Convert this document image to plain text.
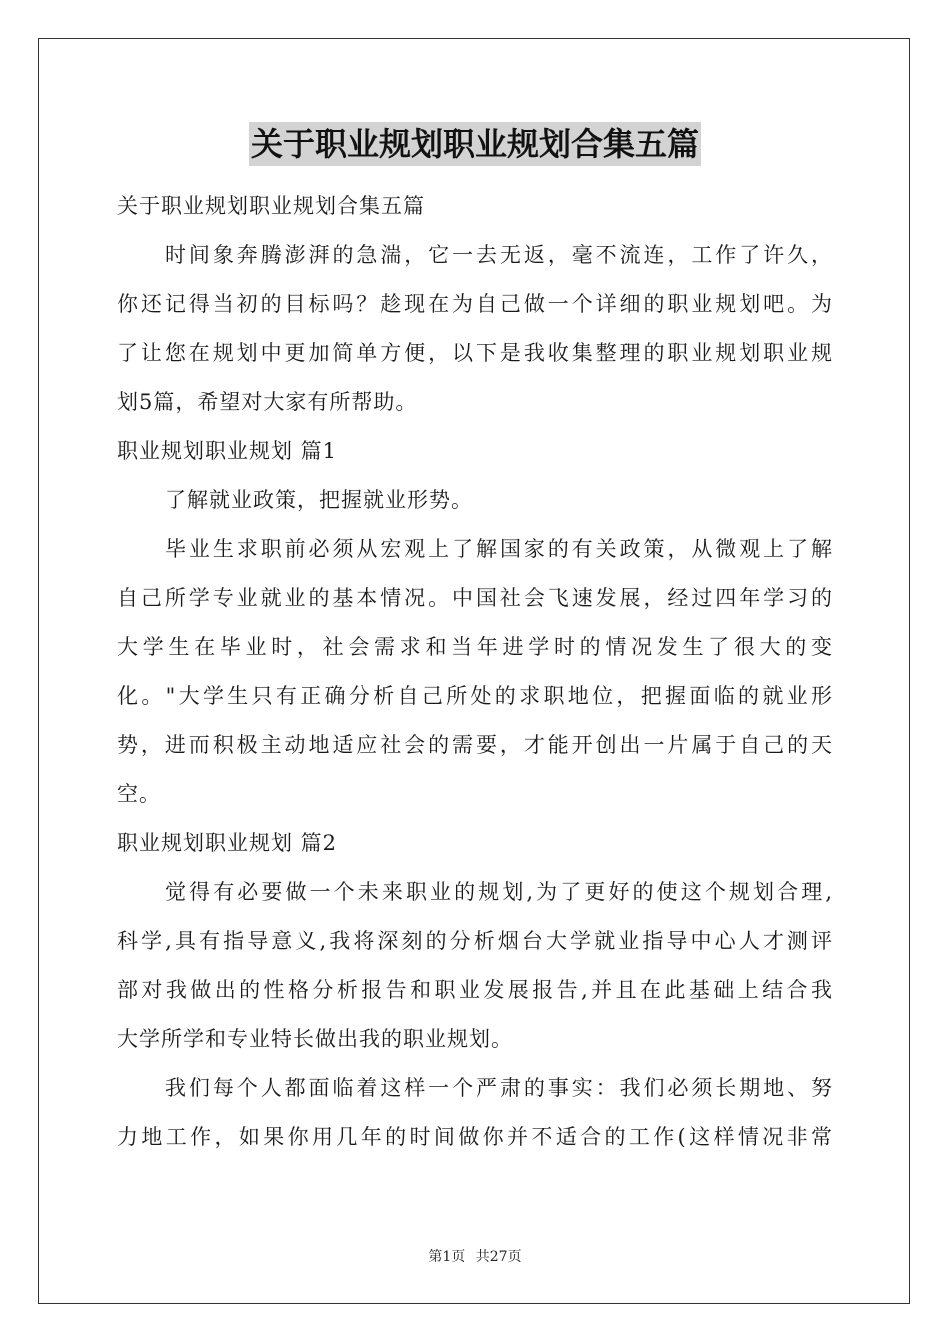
关于职业规划职业规划合集五篇
关于职业规划职业规划合集五篇
时间象奔腾澎湃的急湍，它一去无返，毫不流连，工作了许久，
你还记得当初的目标吗？趁现在为自己做一个详细的职业规划吧。为
了让您在规划中更加简单方便，以下是我收集整理的职业规划职业规
划5篇，希望对大家有所帮助。
职业规划职业规划 篇1
了解就业政策，把握就业形势。
毕业生求职前必须从宏观上了解国家的有关政策，从微观上了解
自己所学专业就业的基本情况。中国社会飞速发展，经过四年学习的
大学生在毕业时，社会需求和当年进学时的情况发生了很大的变
化。"大学生只有正确分析自己所处的求职地位，把握面临的就业形
势，进而积极主动地适应社会的需要，才能开创出一片属于自己的天
空。
职业规划职业规划 篇2
觉得有必要做一个未来职业的规划,为了更好的使这个规划合理,
科学,具有指导意义,我将深刻的分析烟台大学就业指导中心人才测评
部对我做出的性格分析报告和职业发展报告,并且在此基础上结合我
大学所学和专业特长做出我的职业规划。
我们每个人都面临着这样一个严肃的事实：我们必须长期地、努
力地工作，如果你用几年的时间做你并不适合的工作(这样情况非常
第1页 共27页
